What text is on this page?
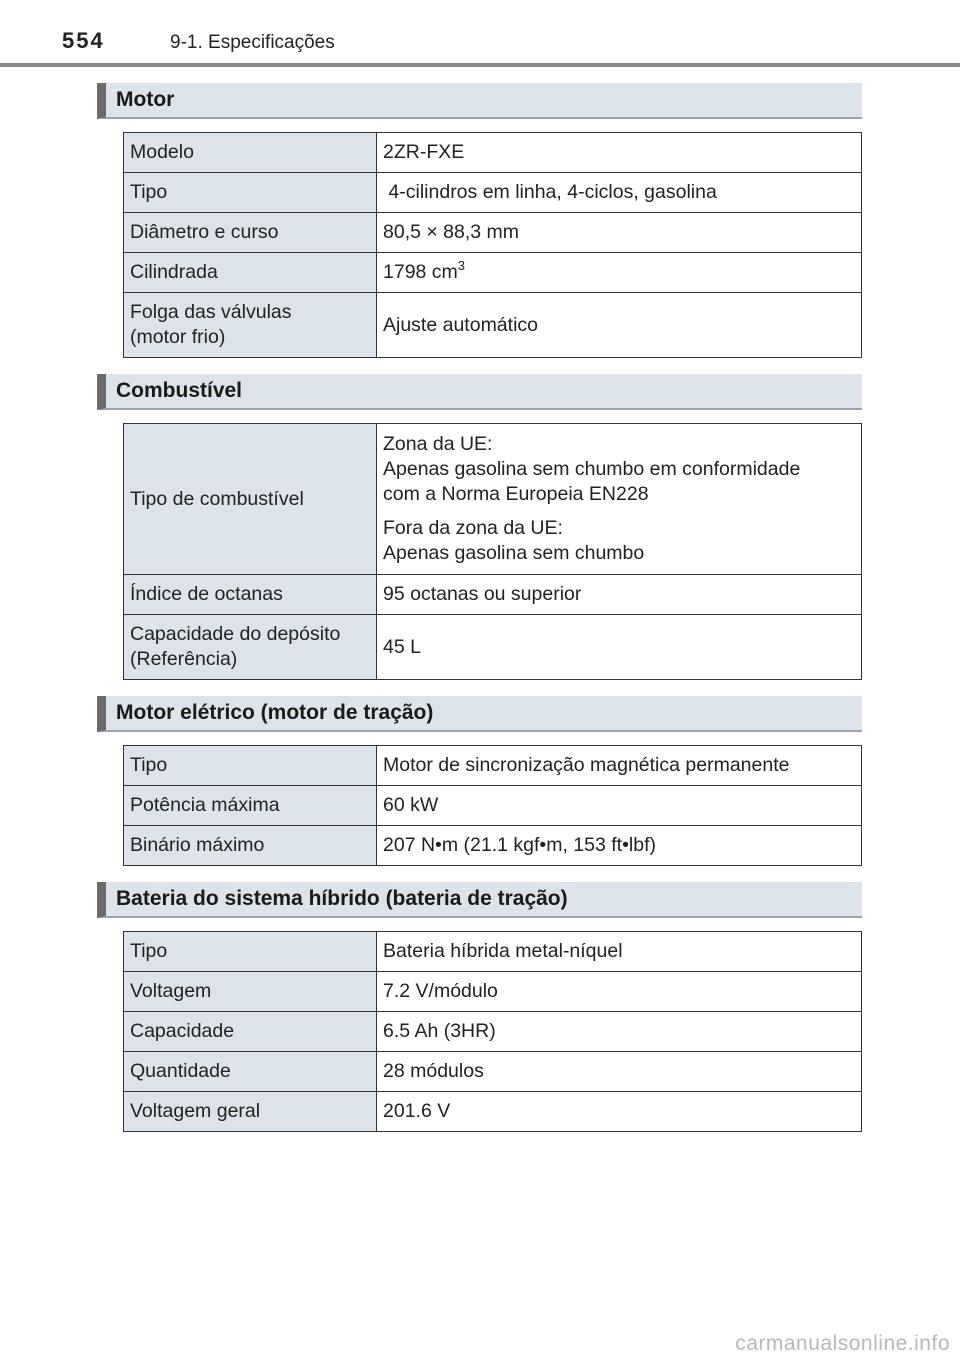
554	9-1. Especificações
Motor
Modelo	2ZR-FXE
Tipo	4-cilindros em linha, 4-ciclos, gasolina
Diâmetro e curso	80,5 × 88,3 mm
Cilindrada	1798 $cm^3$
Folga das válvulas
(motor frio)	Ajuste automático
Combustível
Tipo de combustível	Zona da UE:
Apenas gasolina sem chumbo em conformidade
com a Norma Europeia EN228
Fora da zona da UE:
Apenas gasolina sem chumbo
Índice de octanas	95 octanas ou superior
Capacidade do depósito
(Referência)	45 L
Motor elétrico (motor de tração)
Tipo	Motor de sincronização magnética permanente
Potência máxima	60 kW
Binário máximo	207 N•m (21.1 kgf•m, 153 ft•lbf)
Bateria do sistema híbrido (bateria de tração)
Tipo	Bateria híbrida metal-níquel
Voltagem	7.2 V/módulo
Capacidade	6.5 Ah (3HR)
Quantidade	28 módulos
Voltagem geral	201.6 V
carmanualsonline.info
